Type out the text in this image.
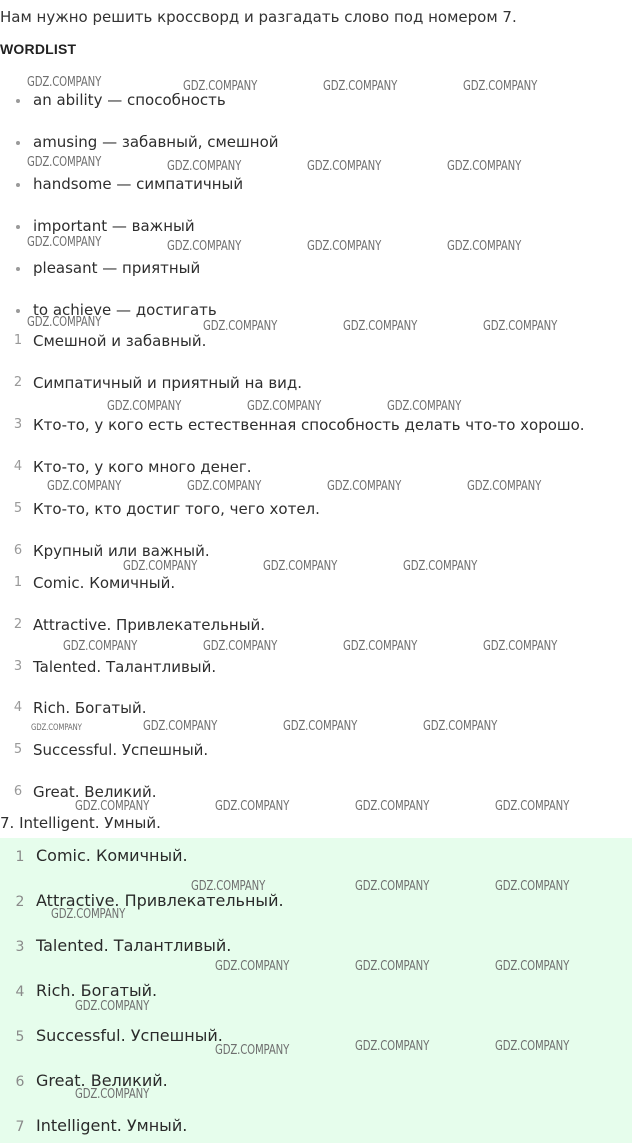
Нам нужно решить кроссворд и разгадать слово под номером 7.
WORDLIST
an ability — способность
amusing — забавный, смешной
handsome — симпатичный
important — важный
pleasant — приятный
to achieve — достигать
1 Смешной и забавный.
2 Симпатичный и приятный на вид.
3 Кто-то, у кого есть естественная способность делать что-то хорошо.
4 Кто-то, у кого много денег.
5 Кто-то, кто достиг того, чего хотел.
6 Крупный или важный.
1 Comic. Комичный.
2 Attractive. Привлекательный.
3 Talented. Талантливый.
4 Rich. Богатый.
5 Successful. Успешный.
6 Great. Великий.
7. Intelligent. Умный.
1 Comic. Комичный.
2 Attractive. Привлекательный.
3 Talented. Талантливый.
4 Rich. Богатый.
5 Successful. Успешный.
6 Great. Великий.
7 Intelligent. Умный.
GDZ.COMPANY	GDZ.COMPANY	GDZ.COMPANY	GDZ.COMPANY
GDZ.COMPANY	GDZ.COMPANY	GDZ.COMPANY	GDZ.COMPANY
GDZ.COMPANY	GDZ.COMPANY	GDZ.COMPANY	GDZ.COMPANY
GDZ.COMPANY	GDZ.COMPANY	GDZ.COMPANY	GDZ.COMPANY
GDZ.COMPANY	GDZ.COMPANY	GDZ.COMPANY
GDZ.COMPANY	GDZ.COMPANY	GDZ.COMPANY	GDZ.COMPANY
GDZ.COMPANY	GDZ.COMPANY	GDZ.COMPANY
GDZ.COMPANY	GDZ.COMPANY	GDZ.COMPANY	GDZ.COMPANY
GDZ.COMPANY	GDZ.COMPANY	GDZ.COMPANY	GDZ.COMPANY
GDZ.COMPANY	GDZ.COMPANY	GDZ.COMPANY	GDZ.COMPANY
GDZ.COMPANY	GDZ.COMPANY	GDZ.COMPANY
GDZ.COMPANY
GDZ.COMPANY	GDZ.COMPANY	GDZ.COMPANY
GDZ.COMPANY
GDZ.COMPANY	GDZ.COMPANY	GDZ.COMPANY
GDZ.COMPANY
